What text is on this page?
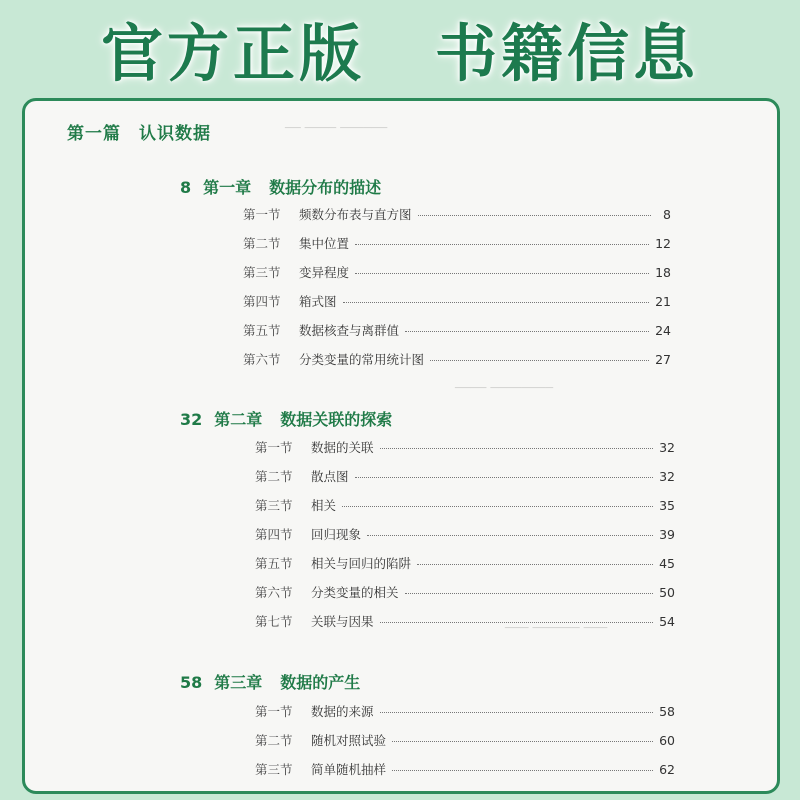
官方正版 书籍信息
── ──── ──────
──── ────────
─── ────── ───
第一篇 认识数据
8 第一章 数据分布的描述
第一节	频数分布表与直方图	8
第二节	集中位置	12
第三节	变异程度	18
第四节	箱式图	21
第五节	数据核查与离群值	24
第六节	分类变量的常用统计图	27
32 第二章 数据关联的探索
第一节	数据的关联	32
第二节	散点图	32
第三节	相关	35
第四节	回归现象	39
第五节	相关与回归的陷阱	45
第六节	分类变量的相关	50
第七节	关联与因果	54
58 第三章 数据的产生
第一节	数据的来源	58
第二节	随机对照试验	60
第三节	简单随机抽样	62
